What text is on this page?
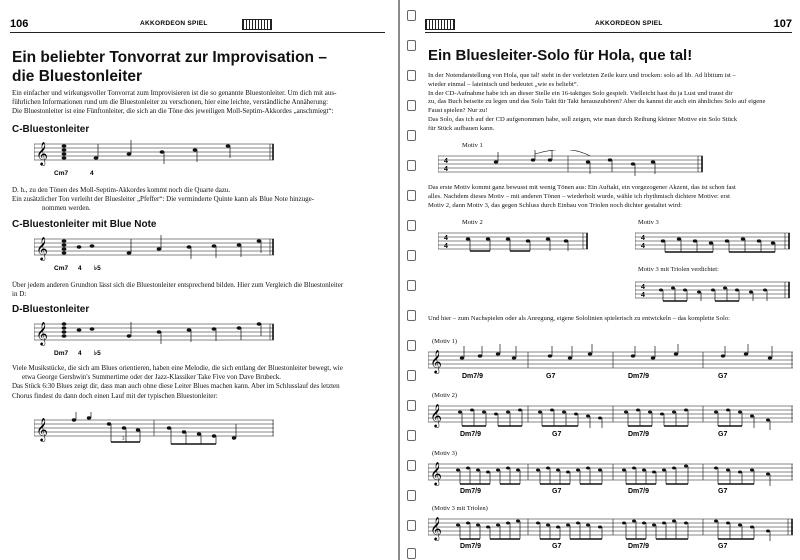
106	AKKORDEON SPIEL
Ein beliebter Tonvorrat zur Improvisation –
die Bluestonleiter

Ein einfacher und wirkungsvoller Tonvorrat zum Improvisieren ist die so genannte Bluestonleiter. Um dich mit aus-
führlichen Informationen rund um die Bluestonleiter zu verschonen, hier eine leichte, verständliche Annäherung:
Die Bluestonleiter ist eine Fünftonleiter, die sich an die Töne des jeweiligen Moll-Septim-Akkordes „anschmiegt“:

C-Bluestonleiter
𝄞
Cm7	4

D. h., zu den Tönen des Moll-Septim-Akkordes kommt noch die Quarte dazu.
Ein zusätzlicher Ton verleiht der Bluesleiter „Pfeffer“: Die verminderte Quinte kann als Blue Note hinzuge-
nommen werden.

C-Bluestonleiter mit Blue Note
𝄞
Cm7 4 ♭5

Über jedem anderen Grundton lässt sich die Bluestonleiter entsprechend bilden. Hier zum Vergleich die Bluestonleiter
in D:

D-Bluestonleiter
𝄞
Dm7 4 ♭5

Viele Musikstücke, die sich am Blues orientieren, haben eine Melodie, die sich entlang der Bluestonleiter bewegt, wie
etwa George Gershwin's Summertime oder der Jazz-Klassiker Take Five von Dave Brubeck.
Das Stück 6:30 Blues zeigt dir, dass man auch ohne diese Leiter Blues machen kann. Aber im Schlusslauf des letzten
Chorus findest du dann doch einen Lauf mit der typischen Bluestonleiter:

𝄞	3
AKKORDEON SPIEL	107
Ein Bluesleiter-Solo für Hola, que tal!

In der Notendarstellung von Hola, que tal! steht in der vorletzten Zeile kurz und trocken: solo ad lib. Ad libitum ist –
wieder einmal – lateinisch und bedeutet „wie es beliebt“.
In der CD-Aufnahme habe ich an dieser Stelle ein 16-taktiges Solo gespielt. Vielleicht hast du ja Lust und traust dir
zu, das Buch beiseite zu legen und das Solo Takt für Takt herauszuhören? Aber du kannst dir auch ein ähnliches Solo auf eigene
Faust spielen? Nur zu!
Das Solo, das ich auf der CD aufgenommen habe, soll zeigen, wie man durch Reihung kleiner Motive ein Solo Stück
für Stück aufbauen kann.

Motiv 1
4
4

Das erste Motiv kommt ganz bewusst mit wenig Tönen aus: Ein Auftakt, ein vorgezogener Akzent, das ist schon fast
alles. Nachdem dieses Motiv – mit anderen Tönen – wiederholt wurde, wähle ich rhythmisch dichtere Motive: erst
Motiv 2, dann Motiv 3, das gegen Schluss durch Einbau von Triolen noch dichter gestaltet wird:

Motiv 2
4
4
Motiv 3
4
4
Motiv 3 mit Triolen verdichtet:
4
4

Und hier – zum Nachspielen oder als Anregung, eigene Sololinien spielerisch zu entwickeln – das komplette Solo:

(Motiv 1)
𝄞
Dm7/9	G7	Dm7/9	G7
(Motiv 2)
𝄞
Dm7/9	G7	Dm7/9	G7
(Motiv 3)
𝄞
Dm7/9	G7	Dm7/9	G7
(Motiv 3 mit Triolen)
𝄞
Dm7/9	G7	Dm7/9	G7
